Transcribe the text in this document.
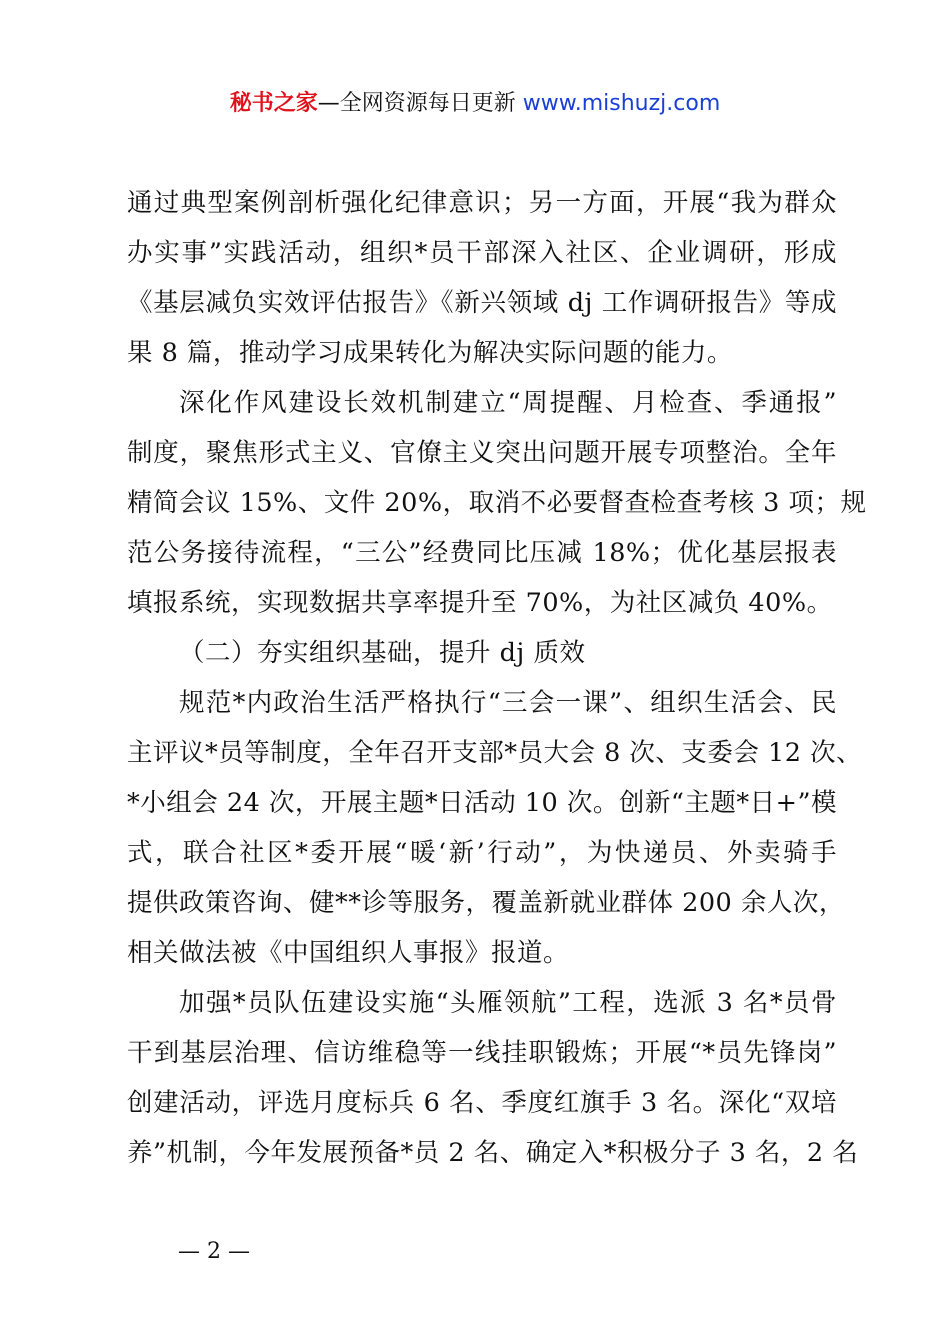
秘书之家—全网资源每日更新 www.mishuzj.com
通过典型案例剖析强化纪律意识；另一方面，开展“我为群众
办实事”实践活动，组织*员干部深入社区、企业调研，形成
《基层减负实效评估报告》《新兴领域 dj 工作调研报告》等成
果 8 篇，推动学习成果转化为解决实际问题的能力。
深化作风建设长效机制建立“周提醒、月检查、季通报”
制度，聚焦形式主义、官僚主义突出问题开展专项整治。全年
精简会议 15%、文件 20%，取消不必要督查检查考核 3 项；规
范公务接待流程，“三公”经费同比压减 18%；优化基层报表
填报系统，实现数据共享率提升至 70%，为社区减负 40%。
（二）夯实组织基础，提升 dj 质效
规范*内政治生活严格执行“三会一课”、组织生活会、民
主评议*员等制度，全年召开支部*员大会 8 次、支委会 12 次、
*小组会 24 次，开展主题*日活动 10 次。创新“主题*日+”模
式，联合社区*委开展“暖‘新’行动”，为快递员、外卖骑手
提供政策咨询、健**诊等服务，覆盖新就业群体 200 余人次，
相关做法被《中国组织人事报》报道。
加强*员队伍建设实施“头雁领航”工程，选派 3 名*员骨
干到基层治理、信访维稳等一线挂职锻炼；开展“*员先锋岗”
创建活动，评选月度标兵 6 名、季度红旗手 3 名。深化“双培
养”机制，今年发展预备*员 2 名、确定入*积极分子 3 名，2 名
— 2 —
